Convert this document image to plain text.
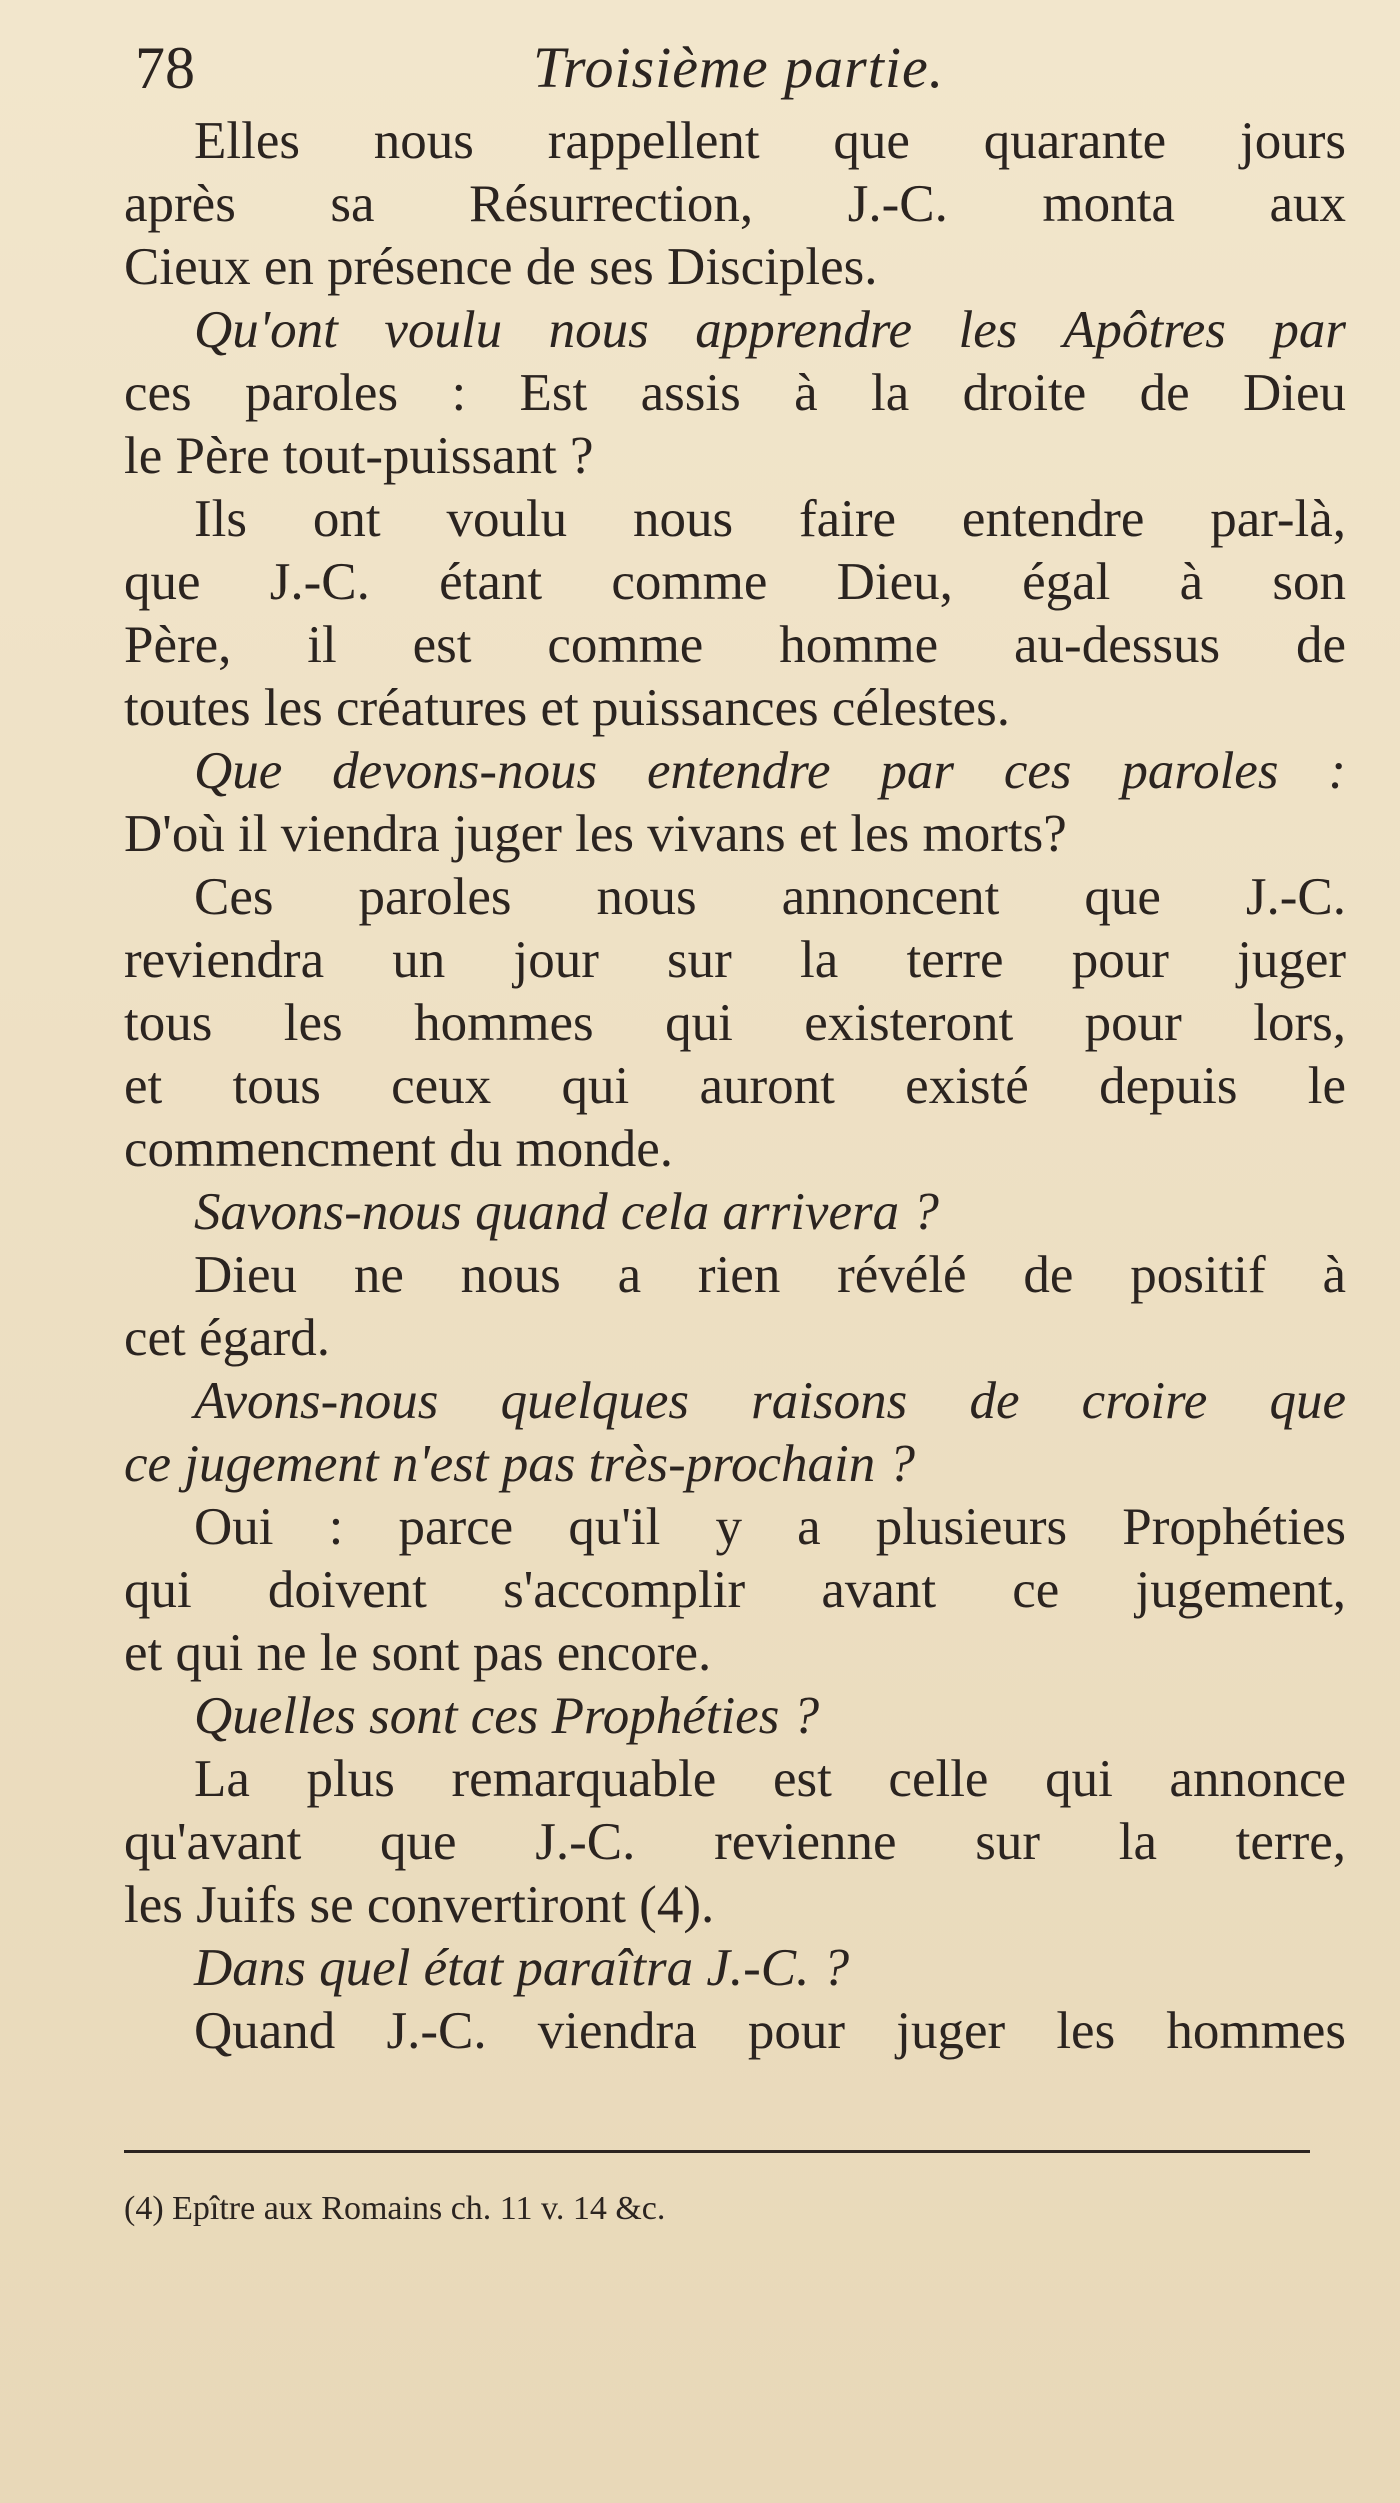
78	Troisième partie.
Elles nous rappellent que quarante jours
après sa Résurrection, J.-C. monta aux
Cieux en présence de ses Disciples.
Qu'ont voulu nous apprendre les Apôtres par
ces paroles : Est assis à la droite de Dieu
le Père tout-puissant ?
Ils ont voulu nous faire entendre par-là,
que J.-C. étant comme Dieu, égal à son
Père, il est comme homme au-dessus de
toutes les créatures et puissances célestes.
Que devons-nous entendre par ces paroles :
D'où il viendra juger les vivans et les morts?
Ces paroles nous annoncent que J.-C.
reviendra un jour sur la terre pour juger
tous les hommes qui existeront pour lors,
et tous ceux qui auront existé depuis le
commencment du monde.
Savons-nous quand cela arrivera ?
Dieu ne nous a rien révélé de positif à
cet égard.
Avons-nous quelques raisons de croire que
ce jugement n'est pas très-prochain ?
Oui : parce qu'il y a plusieurs Prophéties
qui doivent s'accomplir avant ce jugement,
et qui ne le sont pas encore.
Quelles sont ces Prophéties ?
La plus remarquable est celle qui annonce
qu'avant que J.-C. revienne sur la terre,
les Juifs se convertiront (4).
Dans quel état paraîtra J.-C. ?
Quand J.-C. viendra pour juger les hommes
(4) Epître aux Romains ch. 11 v. 14 &c.
